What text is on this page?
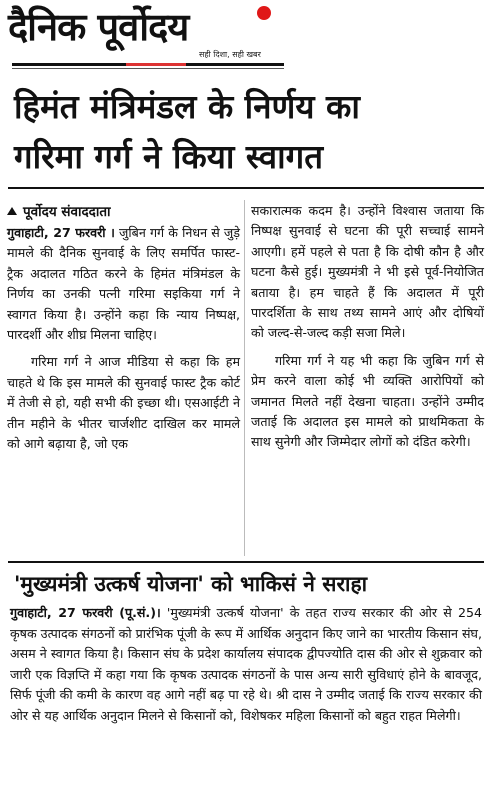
दैनिक पूर्वोदय
सही दिशा, सही खबर
हिमंत मंत्रिमंडल के निर्णय का
गरिमा गर्ग ने किया स्वागत
पूर्वोदय संवाददाता

गुवाहाटी, 27 फरवरी । जुबिन गर्ग के निधन से जुड़े मामले की दैनिक सुनवाई के लिए समर्पित फास्ट-ट्रैक अदालत गठित करने के हिमंत मंत्रिमंडल के निर्णय का उनकी पत्नी गरिमा सइकिया गर्ग ने स्वागत किया है। उन्होंने कहा कि न्याय निष्पक्ष, पारदर्शी और शीघ्र मिलना चाहिए।

गरिमा गर्ग ने आज मीडिया से कहा कि हम चाहते थे कि इस मामले की सुनवाई फास्ट ट्रैक कोर्ट में तेजी से हो, यही सभी की इच्छा थी। एसआईटी ने तीन महीने के भीतर चार्जशीट दाखिल कर मामले को आगे बढ़ाया है, जो एक

सकारात्मक कदम है। उन्होंने विश्वास जताया कि निष्पक्ष सुनवाई से घटना की पूरी सच्चाई सामने आएगी। हमें पहले से पता है कि दोषी कौन है और घटना कैसे हुई। मुख्यमंत्री ने भी इसे पूर्व-नियोजित बताया है। हम चाहते हैं कि अदालत में पूरी पारदर्शिता के साथ तथ्य सामने आएं और दोषियों को जल्द-से-जल्द कड़ी सजा मिले।

गरिमा गर्ग ने यह भी कहा कि जुबिन गर्ग से प्रेम करने वाला कोई भी व्यक्ति आरोपियों को जमानत मिलते नहीं देखना चाहता। उन्होंने उम्मीद जताई कि अदालत इस मामले को प्राथमिकता के साथ सुनेगी और जिम्मेदार लोगों को दंडित करेगी।

'मुख्यमंत्री उत्कर्ष योजना' को भाकिसं ने सराहा

गुवाहाटी, 27 फरवरी (पू.सं.)। 'मुख्यमंत्री उत्कर्ष योजना' के तहत राज्य सरकार की ओर से 254 कृषक उत्पादक संगठनों को प्रारंभिक पूंजी के रूप में आर्थिक अनुदान किए जाने का भारतीय किसान संघ, असम ने स्वागत किया है। किसान संघ के प्रदेश कार्यालय संपादक द्वीपज्योति दास की ओर से शुक्रवार को जारी एक विज्ञप्ति में कहा गया कि कृषक उत्पादक संगठनों के पास अन्य सारी सुविधाएं होने के बावजूद, सिर्फ पूंजी की कमी के कारण वह आगे नहीं बढ़ पा रहे थे। श्री दास ने उम्मीद जताई कि राज्य सरकार की ओर से यह आर्थिक अनुदान मिलने से किसानों को, विशेषकर महिला किसानों को बहुत राहत मिलेगी।
